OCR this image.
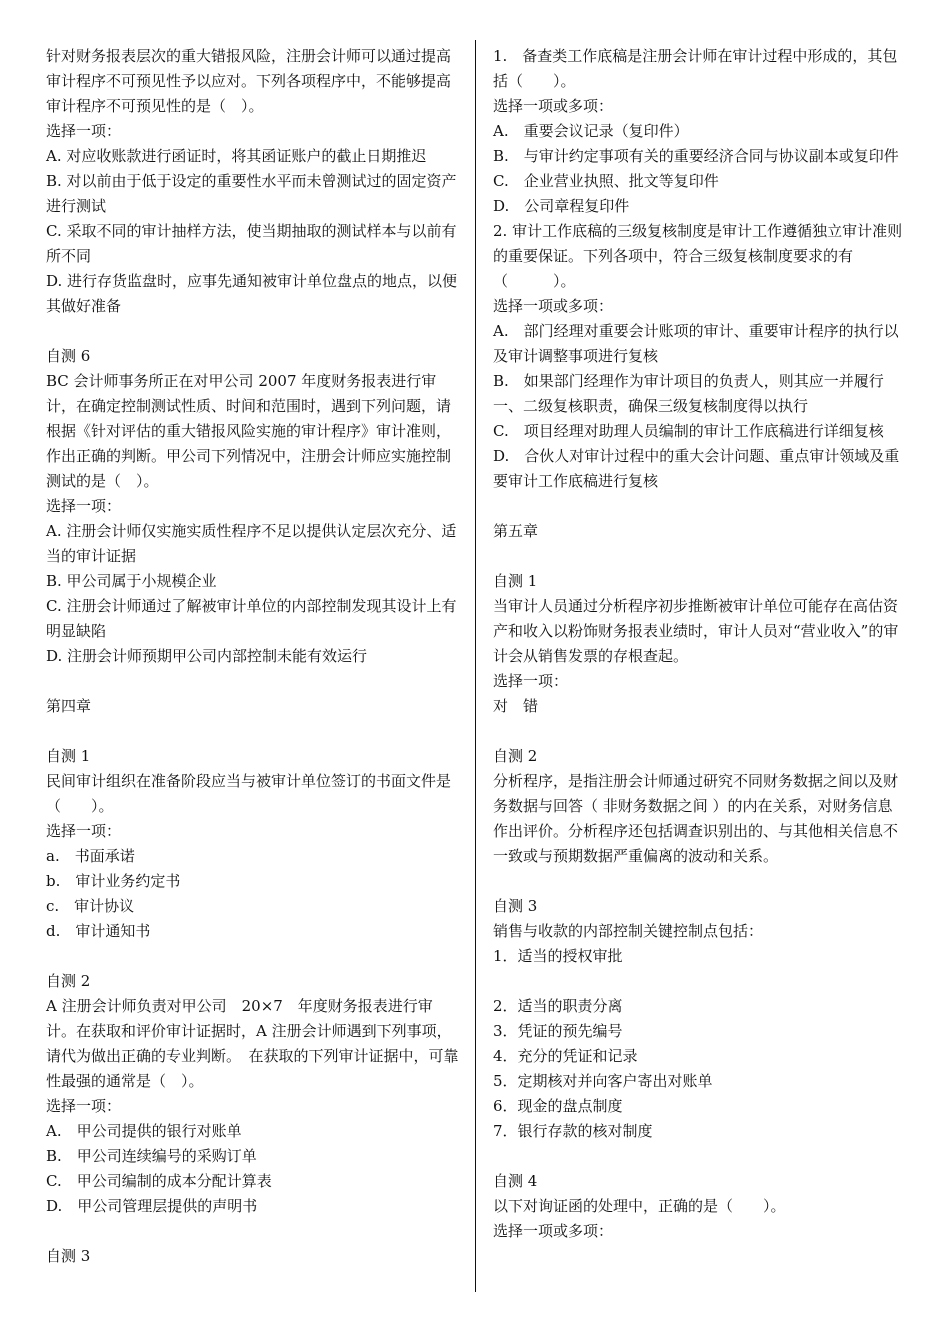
针对财务报表层次的重大错报风险，注册会计师可以通过提高审计程序不可预见性予以应对。下列各项程序中，不能够提高审计程序不可预见性的是（　）。

选择一项：

A. 对应收账款进行函证时，将其函证账户的截止日期推迟

B. 对以前由于低于设定的重要性水平而未曾测试过的固定资产进行测试

C. 采取不同的审计抽样方法，使当期抽取的测试样本与以前有所不同

D. 进行存货监盘时，应事先通知被审计单位盘点的地点，以便其做好准备

自测 6

BC 会计师事务所正在对甲公司 2007 年度财务报表进行审计，在确定控制测试性质、时间和范围时，遇到下列问题，请根据《针对评估的重大错报风险实施的审计程序》审计准则，作出正确的判断。甲公司下列情况中，注册会计师应实施控制测试的是（　）。

选择一项：

A. 注册会计师仅实施实质性程序不足以提供认定层次充分、适当的审计证据

B. 甲公司属于小规模企业

C. 注册会计师通过了解被审计单位的内部控制发现其设计上有明显缺陷

D. 注册会计师预期甲公司内部控制未能有效运行

第四章

自测 1

民间审计组织在准备阶段应当与被审计单位签订的书面文件是（　　）。

选择一项：

a.　书面承诺

b.　审计业务约定书

c.　审计协议

d.　审计通知书

自测 2

A 注册会计师负责对甲公司　20×7　年度财务报表进行审计。在获取和评价审计证据时，A 注册会计师遇到下列事项，请代为做出正确的专业判断。　在获取的下列审计证据中，可靠性最强的通常是（　）。

选择一项：

A.　甲公司提供的银行对账单

B.　甲公司连续编号的采购订单

C.　甲公司编制的成本分配计算表

D.　甲公司管理层提供的声明书

自测 3

1.　备查类工作底稿是注册会计师在审计过程中形成的，其包括（　　）。

选择一项或多项：

A.　重要会议记录（复印件）

B.　与审计约定事项有关的重要经济合同与协议副本或复印件

C.　企业营业执照、批文等复印件

D.　公司章程复印件

2. 审计工作底稿的三级复核制度是审计工作遵循独立审计准则的重要保证。下列各项中，符合三级复核制度要求的有（　　　）。

选择一项或多项：

A.　部门经理对重要会计账项的审计、重要审计程序的执行以及审计调整事项进行复核

B.　如果部门经理作为审计项目的负责人，则其应一并履行一、二级复核职责，确保三级复核制度得以执行

C.　项目经理对助理人员编制的审计工作底稿进行详细复核

D.　合伙人对审计过程中的重大会计问题、重点审计领域及重要审计工作底稿进行复核

第五章

自测 1

当审计人员通过分析程序初步推断被审计单位可能存在高估资产和收入以粉饰财务报表业绩时，审计人员对“营业收入”的审计会从销售发票的存根查起。

选择一项：

对　错

自测 2

分析程序，是指注册会计师通过研究不同财务数据之间以及财务数据与回答（ 非财务数据之间 ）的内在关系，对财务信息作出评价。分析程序还包括调查识别出的、与其他相关信息不一致或与预期数据严重偏离的波动和关系。

自测 3

销售与收款的内部控制关键控制点包括：

1．适当的授权审批

2．适当的职责分离

3．凭证的预先编号

4．充分的凭证和记录

5．定期核对并向客户寄出对账单

6．现金的盘点制度

7．银行存款的核对制度

自测 4

以下对询证函的处理中，正确的是（　　）。

选择一项或多项：
